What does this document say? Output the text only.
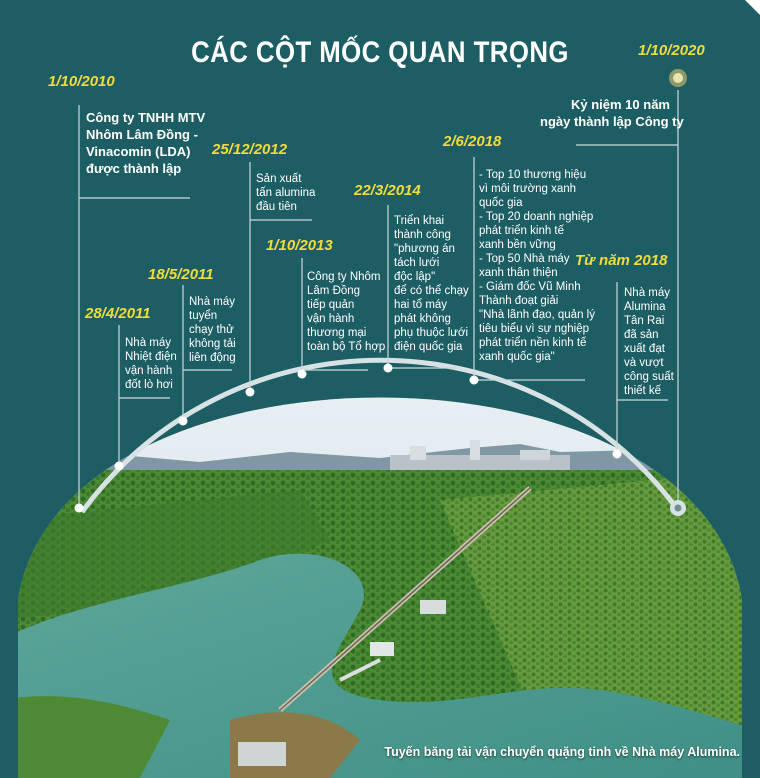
CÁC CỘT MỐC QUAN TRỌNG
1/10/2010
Công ty TNHH MTV
Nhôm Lâm Đồng -
Vinacomin (LDA)
được thành lập
28/4/2011
Nhà máy
Nhiệt điện
vận hành
đốt lò hơi
18/5/2011
Nhà máy
tuyển
chạy thử
không tải
liên động
25/12/2012
Sản xuất
tấn alumina
đầu tiên
1/10/2013
Công ty Nhôm
Lâm Đồng
tiếp quản
vận hành
thương mại
toàn bộ Tổ hợp
22/3/2014
Triển khai
thành công
"phương án
tách lưới
độc lập"
để có thể chạy
hai tổ máy
phát không
phụ thuộc lưới
điện quốc gia
2/6/2018
- Top 10 thương hiệu
vì môi trường xanh
quốc gia
- Top 20 doanh nghiệp
phát triển kinh tế
xanh bền vững
- Top 50 Nhà máy
xanh thân thiện
- Giám đốc Vũ Minh
Thành đoạt giải
"Nhà lãnh đạo, quản lý
tiêu biểu vì sự nghiệp
phát triển nền kinh tế
xanh quốc gia"
Từ năm 2018
Nhà máy
Alumina
Tân Rai
đã sản
xuất đạt
và vượt
công suất
thiết kế
1/10/2020
Kỷ niệm 10 năm
ngày thành lập Công ty
Tuyến băng tải vận chuyển quặng tinh về Nhà máy Alumina.
